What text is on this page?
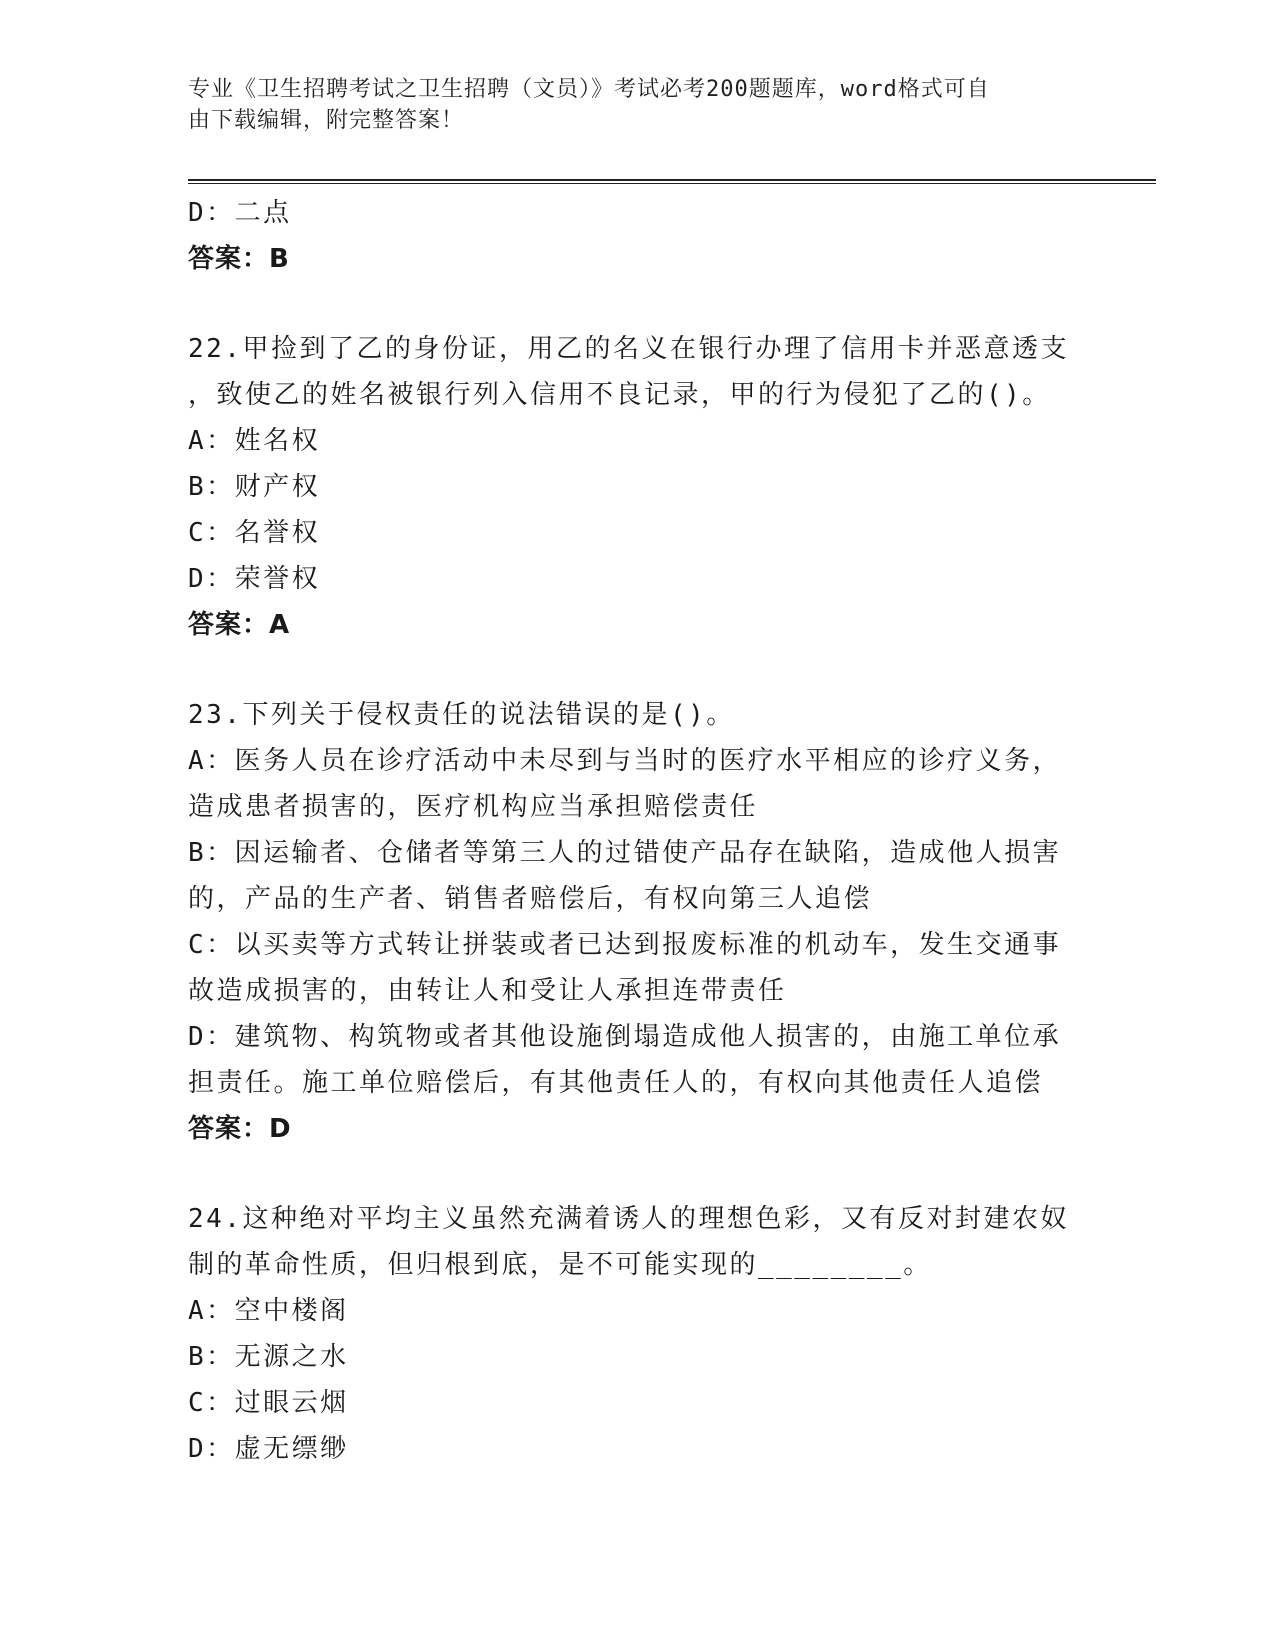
专业《卫生招聘考试之卫生招聘（文员）》考试必考200题题库，word格式可自
由下载编辑，附完整答案！
D：二点
答案：B
22.甲捡到了乙的身份证，用乙的名义在银行办理了信用卡并恶意透支
，致使乙的姓名被银行列入信用不良记录，甲的行为侵犯了乙的()。
A：姓名权
B：财产权
C：名誉权
D：荣誉权
答案：A
23.下列关于侵权责任的说法错误的是()。
A：医务人员在诊疗活动中未尽到与当时的医疗水平相应的诊疗义务，
造成患者损害的，医疗机构应当承担赔偿责任
B：因运输者、仓储者等第三人的过错使产品存在缺陷，造成他人损害
的，产品的生产者、销售者赔偿后，有权向第三人追偿
C：以买卖等方式转让拼装或者已达到报废标准的机动车，发生交通事
故造成损害的，由转让人和受让人承担连带责任
D：建筑物、构筑物或者其他设施倒塌造成他人损害的，由施工单位承
担责任。施工单位赔偿后，有其他责任人的，有权向其他责任人追偿
答案：D
24.这种绝对平均主义虽然充满着诱人的理想色彩，又有反对封建农奴
制的革命性质，但归根到底，是不可能实现的________。
A：空中楼阁
B：无源之水
C：过眼云烟
D：虚无缥缈
